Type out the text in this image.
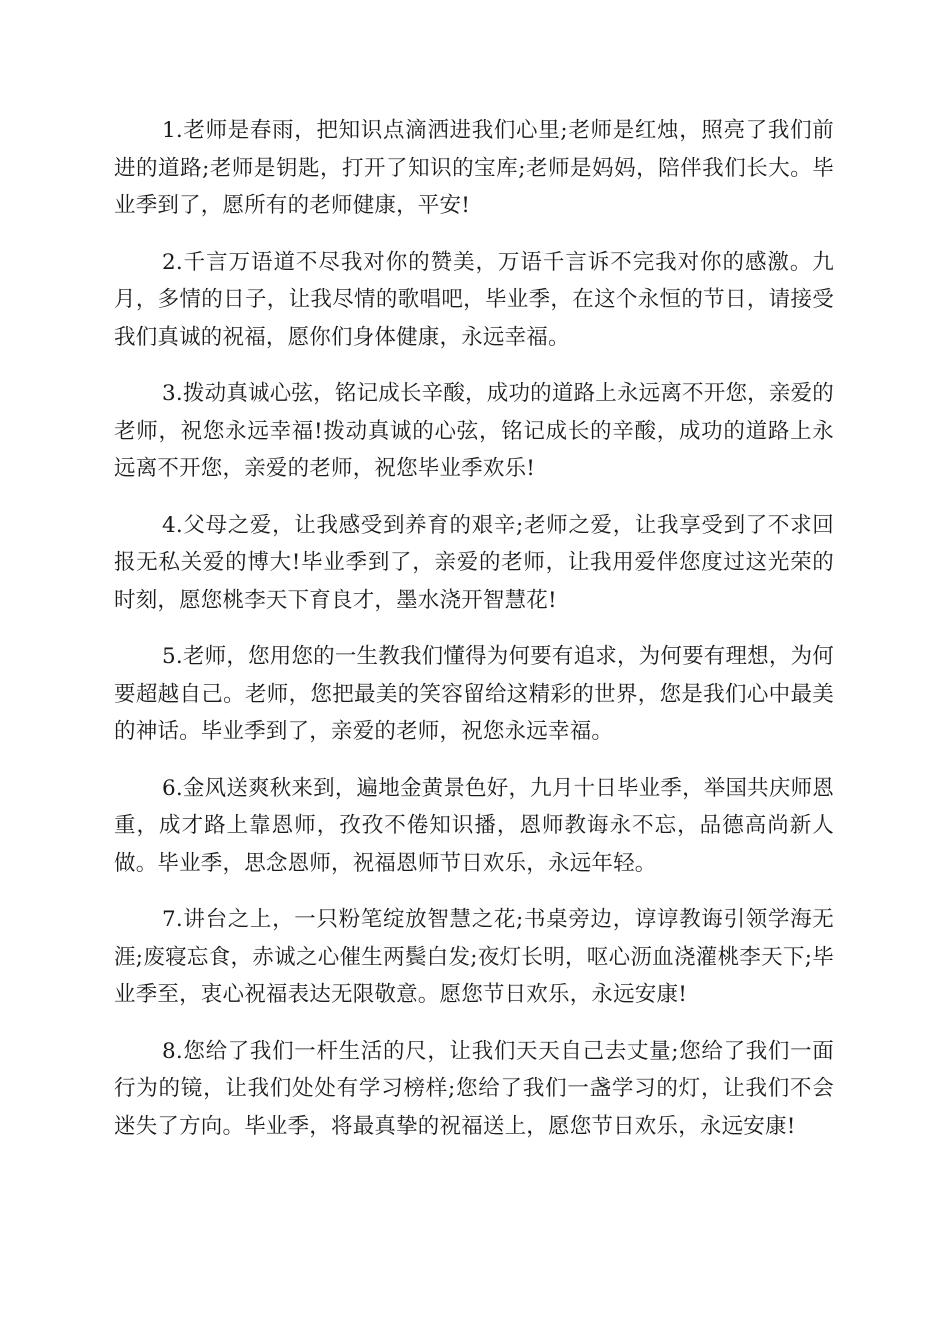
1.老师是春雨，把知识点滴洒进我们心里;老师是红烛，照亮了我们前进的道路;老师是钥匙，打开了知识的宝库;老师是妈妈，陪伴我们长大。毕业季到了，愿所有的老师健康，平安!

2.千言万语道不尽我对你的赞美，万语千言诉不完我对你的感激。九月，多情的日子，让我尽情的歌唱吧，毕业季，在这个永恒的节日，请接受我们真诚的祝福，愿你们身体健康，永远幸福。

3.拨动真诚心弦，铭记成长辛酸，成功的道路上永远离不开您，亲爱的老师，祝您永远幸福!拨动真诚的心弦，铭记成长的辛酸，成功的道路上永远离不开您，亲爱的老师，祝您毕业季欢乐!

4.父母之爱，让我感受到养育的艰辛;老师之爱，让我享受到了不求回报无私关爱的博大!毕业季到了，亲爱的老师，让我用爱伴您度过这光荣的时刻，愿您桃李天下育良才，墨水浇开智慧花!

5.老师，您用您的一生教我们懂得为何要有追求，为何要有理想，为何要超越自己。老师，您把最美的笑容留给这精彩的世界，您是我们心中最美的神话。毕业季到了，亲爱的老师，祝您永远幸福。

6.金风送爽秋来到，遍地金黄景色好，九月十日毕业季，举国共庆师恩重，成才路上靠恩师，孜孜不倦知识播，恩师教诲永不忘，品德高尚新人做。毕业季，思念恩师，祝福恩师节日欢乐，永远年轻。

7.讲台之上，一只粉笔绽放智慧之花;书桌旁边，谆谆教诲引领学海无涯;废寝忘食，赤诚之心催生两鬓白发;夜灯长明，呕心沥血浇灌桃李天下;毕业季至，衷心祝福表达无限敬意。愿您节日欢乐，永远安康!

8.您给了我们一杆生活的尺，让我们天天自己去丈量;您给了我们一面行为的镜，让我们处处有学习榜样;您给了我们一盏学习的灯，让我们不会迷失了方向。毕业季，将最真挚的祝福送上，愿您节日欢乐，永远安康!
